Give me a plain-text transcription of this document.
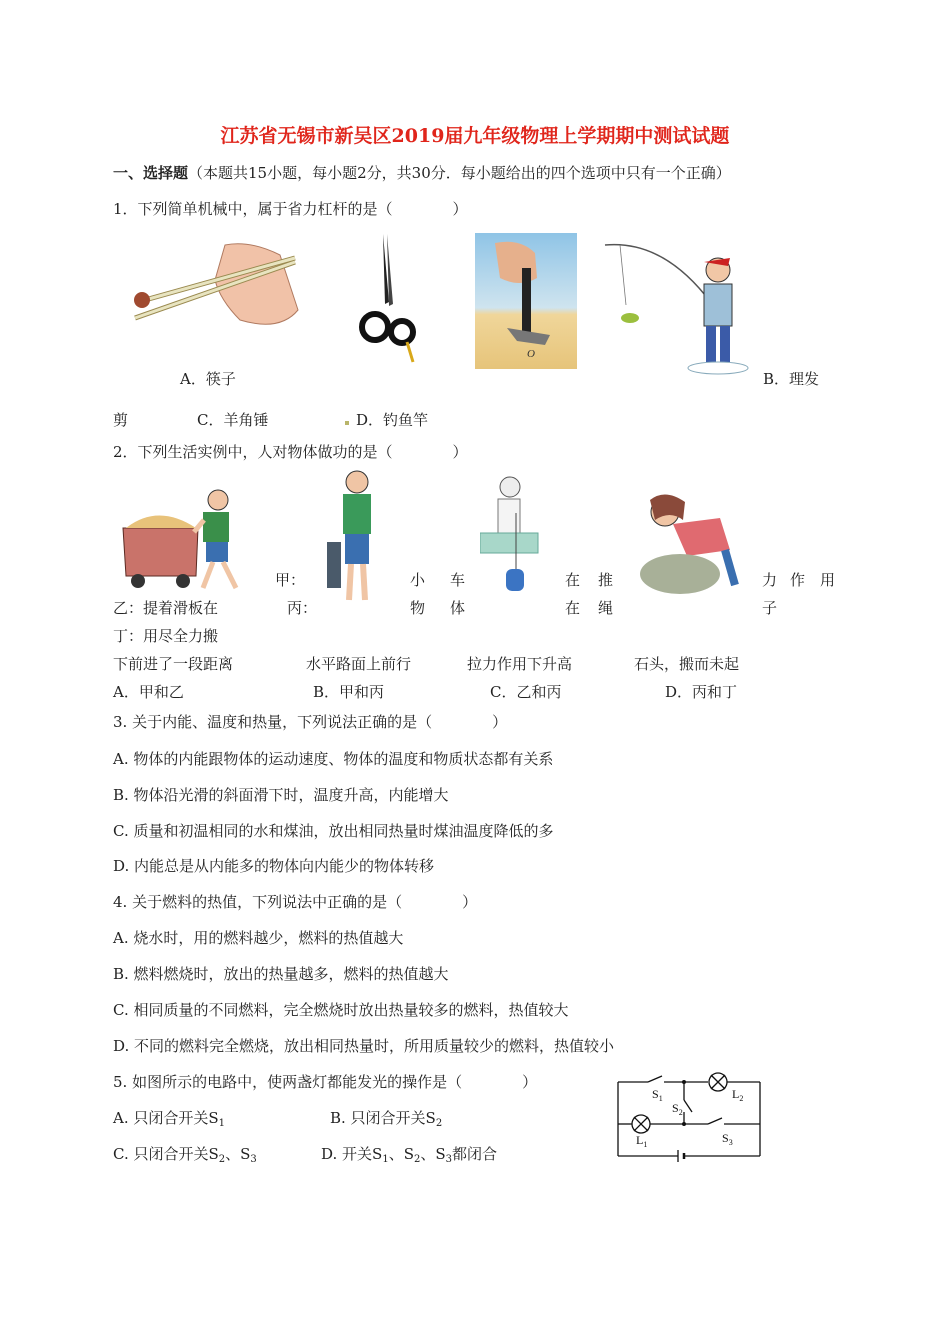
江苏省无锡市新吴区2019届九年级物理上学期期中测试试题
一、选择题（本题共15小题，每小题2分，共30分．每小题给出的四个选项中只有一个正确）
1．下列简单机械中，属于省力杠杆的是（　　　　）
O
A．筷子	B．理发
剪	C．羊角锤	D．钓鱼竿
2．下列生活实例中，人对物体做功的是（　　　　）
甲：	小 车	在 推	力 作 用
乙：提着滑板在	丙：	物 体	在 绳	子
丁：用尽全力搬
下前进了一段距离	水平路面上前行	拉力作用下升高	石头，搬而未起
A．甲和乙	B．甲和丙	C．乙和丙	D．丙和丁
3. 关于内能、温度和热量，下列说法正确的是（　　　　）
A. 物体的内能跟物体的运动速度、物体的温度和物质状态都有关系
B. 物体沿光滑的斜面滑下时，温度升高，内能增大
C. 质量和初温相同的水和煤油，放出相同热量时煤油温度降低的多
D. 内能总是从内能多的物体向内能少的物体转移
4. 关于燃料的热值，下列说法中正确的是（　　　　）
A. 烧水时，用的燃料越少，燃料的热值越大
B. 燃料燃烧时，放出的热量越多，燃料的热值越大
C. 相同质量的不同燃料，完全燃烧时放出热量较多的燃料，热值较大
D. 不同的燃料完全燃烧，放出相同热量时，所用质量较少的燃料，热值较小
5. 如图所示的电路中，使两盏灯都能发光的操作是（　　　　）
A. 只闭合开关$S_1$	B. 只闭合开关$S_2$
C. 只闭合开关$S_2$、$S_3$	D. 开关$S_1$、$S_2$、$S_3$都闭合
$S_1$
$S_2$
$L_2$
$L_1$	$S_3$
